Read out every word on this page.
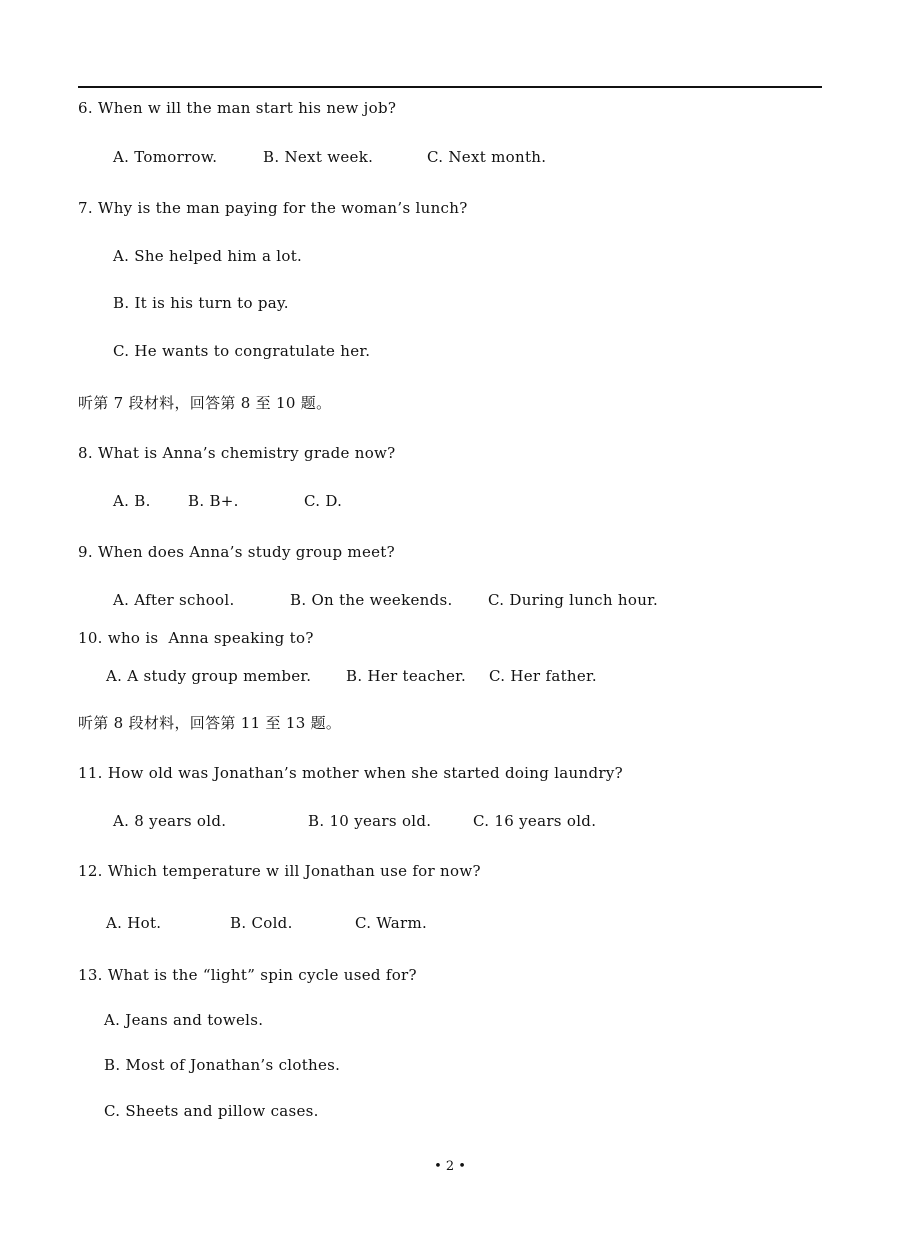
6. When w ill the man start his new job?
A. Tomorrow.	B. Next week.	C. Next month.
7. Why is the man paying for the woman’s lunch?
A. She helped him a lot.
B. It is his turn to pay.
C. He wants to congratulate her.
听第 7 段材料，回答第 8 至 10 题。
8. What is Anna’s chemistry grade now?
A. B. B. B+.	C. D.
9. When does Anna’s study group meet?
A. After school.	B. On the weekends. C. During lunch hour.
10. who is  Anna speaking to?
A. A study group member. B. Her teacher. C. Her father.
听第 8 段材料，回答第 11 至 13 题。
11. How old was Jonathan’s mother when she started doing laundry?
A. 8 years old.	B. 10 years old.	C. 16 years old.
12. Which temperature w ill Jonathan use for now?
A. Hot.	B. Cold.	C. Warm.
13. What is the “light” spin cycle used for?
A. Jeans and towels.
B. Most of Jonathan’s clothes.
C. Sheets and pillow cases.
• 2 •
